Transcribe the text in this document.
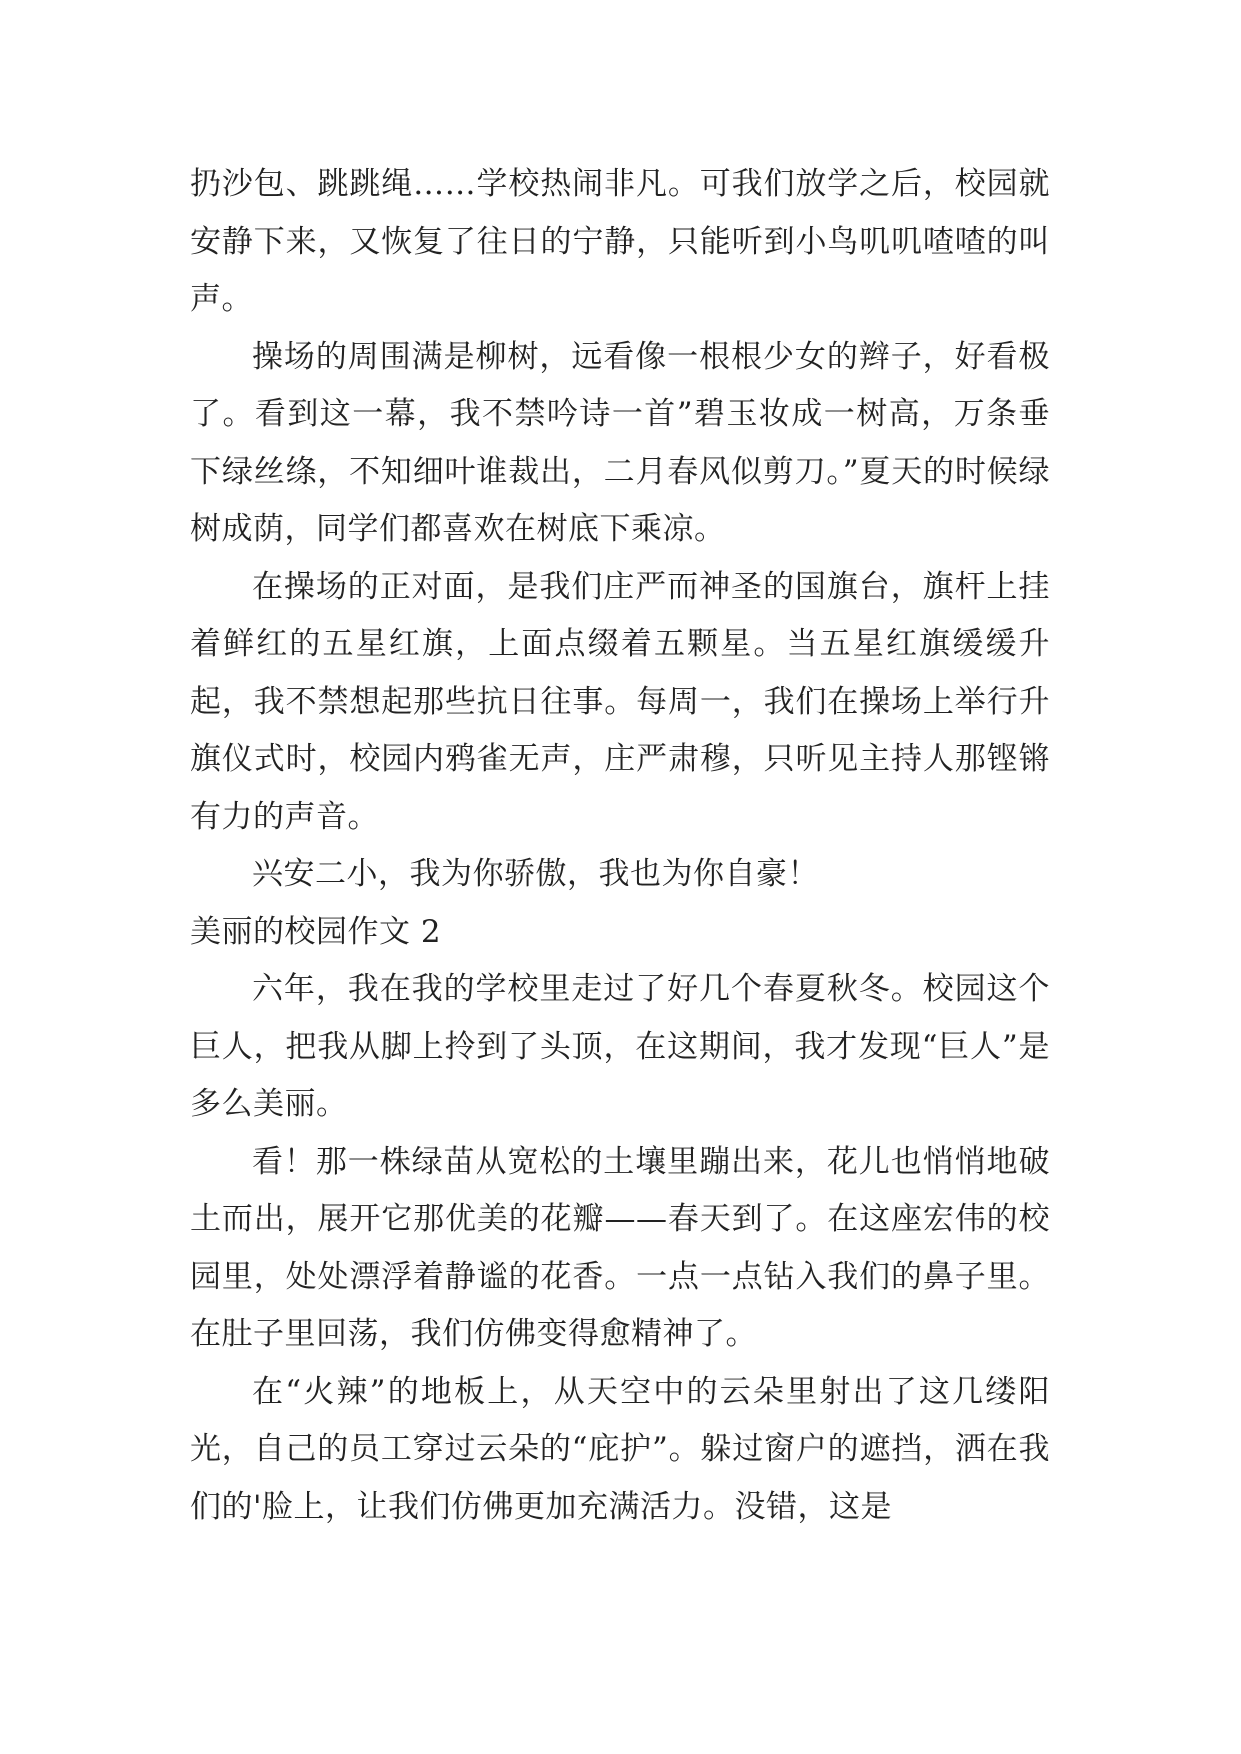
扔沙包、跳跳绳……学校热闹非凡。可我们放学之后，校园就安静下来，又恢复了往日的宁静，只能听到小鸟叽叽喳喳的叫声。

操场的周围满是柳树，远看像一根根少女的辫子，好看极了。看到这一幕，我不禁吟诗一首”碧玉妆成一树高，万条垂下绿丝绦，不知细叶谁裁出，二月春风似剪刀。”夏天的时候绿树成荫，同学们都喜欢在树底下乘凉。

在操场的正对面，是我们庄严而神圣的国旗台，旗杆上挂着鲜红的五星红旗，上面点缀着五颗星。当五星红旗缓缓升起，我不禁想起那些抗日往事。每周一，我们在操场上举行升旗仪式时，校园内鸦雀无声，庄严肃穆，只听见主持人那铿锵有力的声音。

兴安二小，我为你骄傲，我也为你自豪！

美丽的校园作文 2

六年，我在我的学校里走过了好几个春夏秋冬。校园这个巨人，把我从脚上拎到了头顶，在这期间，我才发现“巨人”是多么美丽。

看！那一株绿苗从宽松的土壤里蹦出来，花儿也悄悄地破土而出，展开它那优美的花瓣——春天到了。在这座宏伟的校园里，处处漂浮着静谧的花香。一点一点钻入我们的鼻子里。在肚子里回荡，我们仿佛变得愈精神了。

在“火辣”的地板上，从天空中的云朵里射出了这几缕阳光，自己的员工穿过云朵的“庇护”。躲过窗户的遮挡，洒在我们的'脸上，让我们仿佛更加充满活力。没错，这是
